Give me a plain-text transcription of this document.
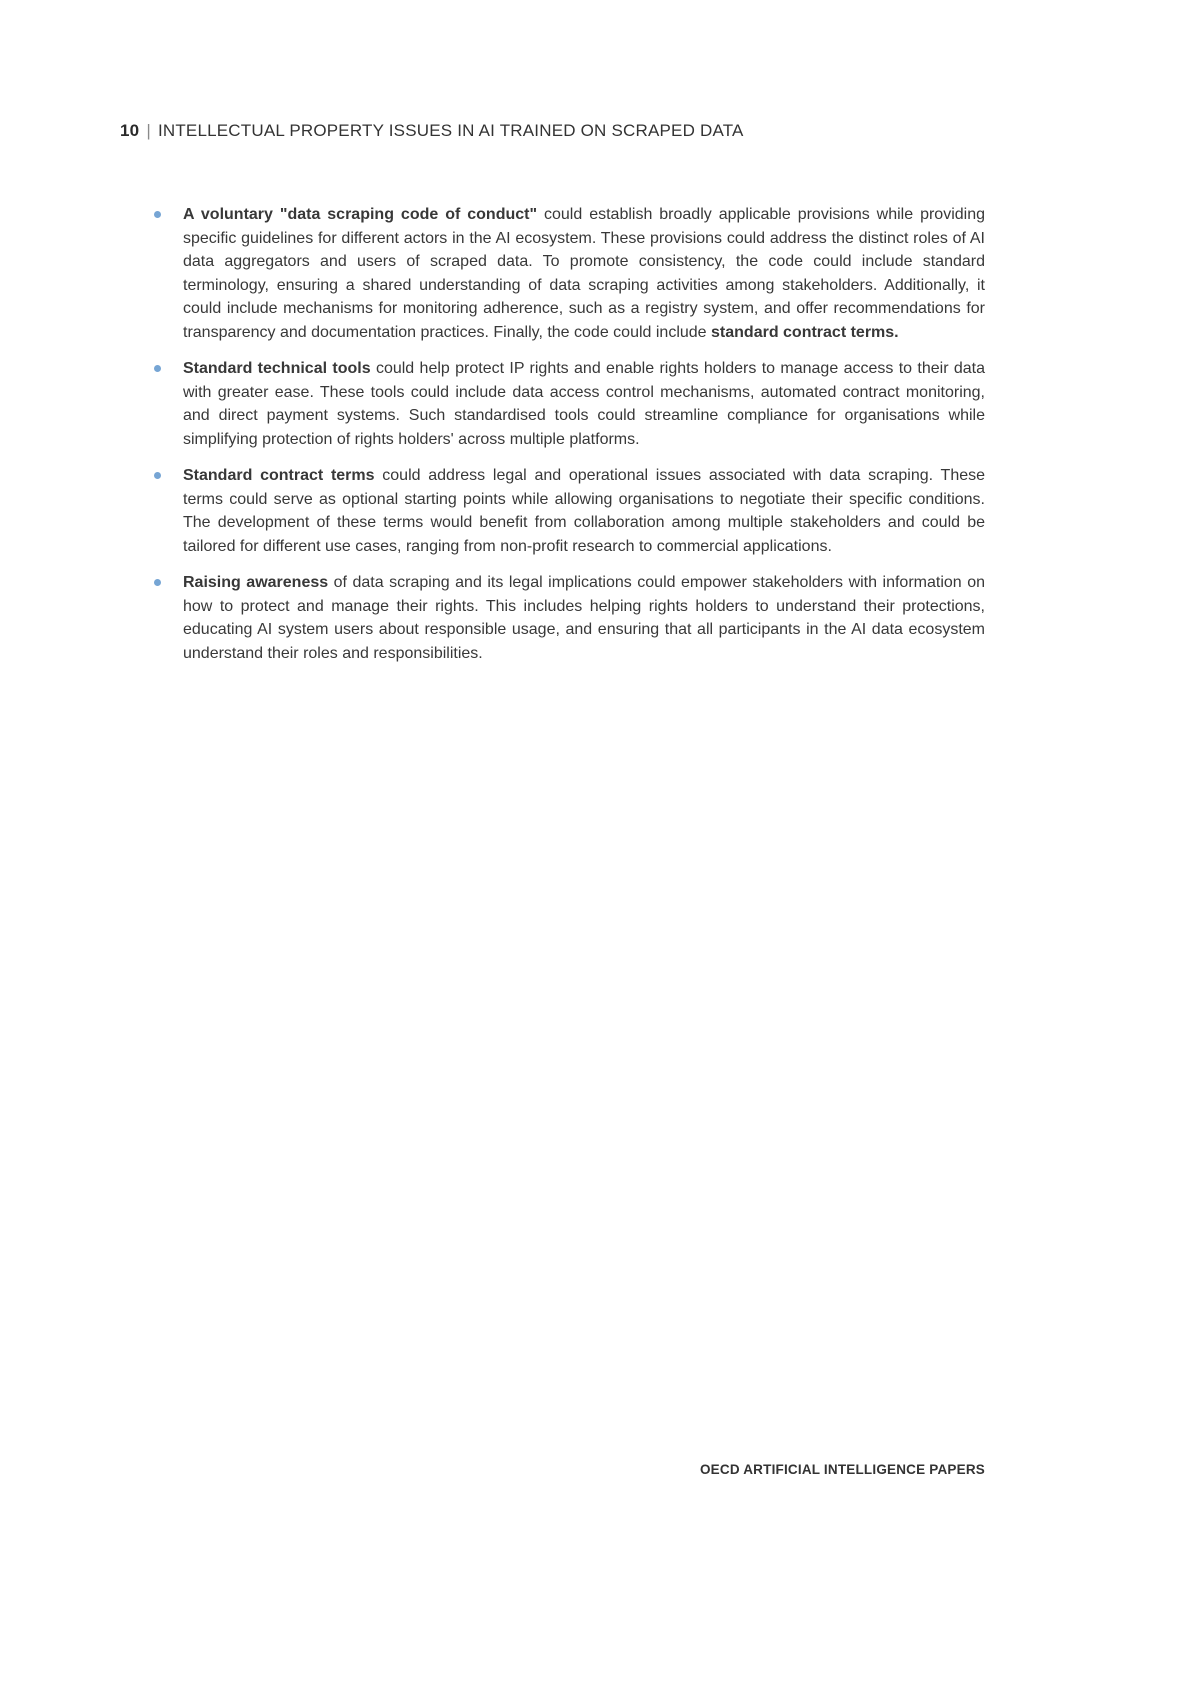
10 | INTELLECTUAL PROPERTY ISSUES IN AI TRAINED ON SCRAPED DATA
A voluntary "data scraping code of conduct" could establish broadly applicable provisions while providing specific guidelines for different actors in the AI ecosystem. These provisions could address the distinct roles of AI data aggregators and users of scraped data. To promote consistency, the code could include standard terminology, ensuring a shared understanding of data scraping activities among stakeholders. Additionally, it could include mechanisms for monitoring adherence, such as a registry system, and offer recommendations for transparency and documentation practices. Finally, the code could include standard contract terms.
Standard technical tools could help protect IP rights and enable rights holders to manage access to their data with greater ease. These tools could include data access control mechanisms, automated contract monitoring, and direct payment systems. Such standardised tools could streamline compliance for organisations while simplifying protection of rights holders' across multiple platforms.
Standard contract terms could address legal and operational issues associated with data scraping. These terms could serve as optional starting points while allowing organisations to negotiate their specific conditions. The development of these terms would benefit from collaboration among multiple stakeholders and could be tailored for different use cases, ranging from non-profit research to commercial applications.
Raising awareness of data scraping and its legal implications could empower stakeholders with information on how to protect and manage their rights. This includes helping rights holders to understand their protections, educating AI system users about responsible usage, and ensuring that all participants in the AI data ecosystem understand their roles and responsibilities.
OECD ARTIFICIAL INTELLIGENCE PAPERS
